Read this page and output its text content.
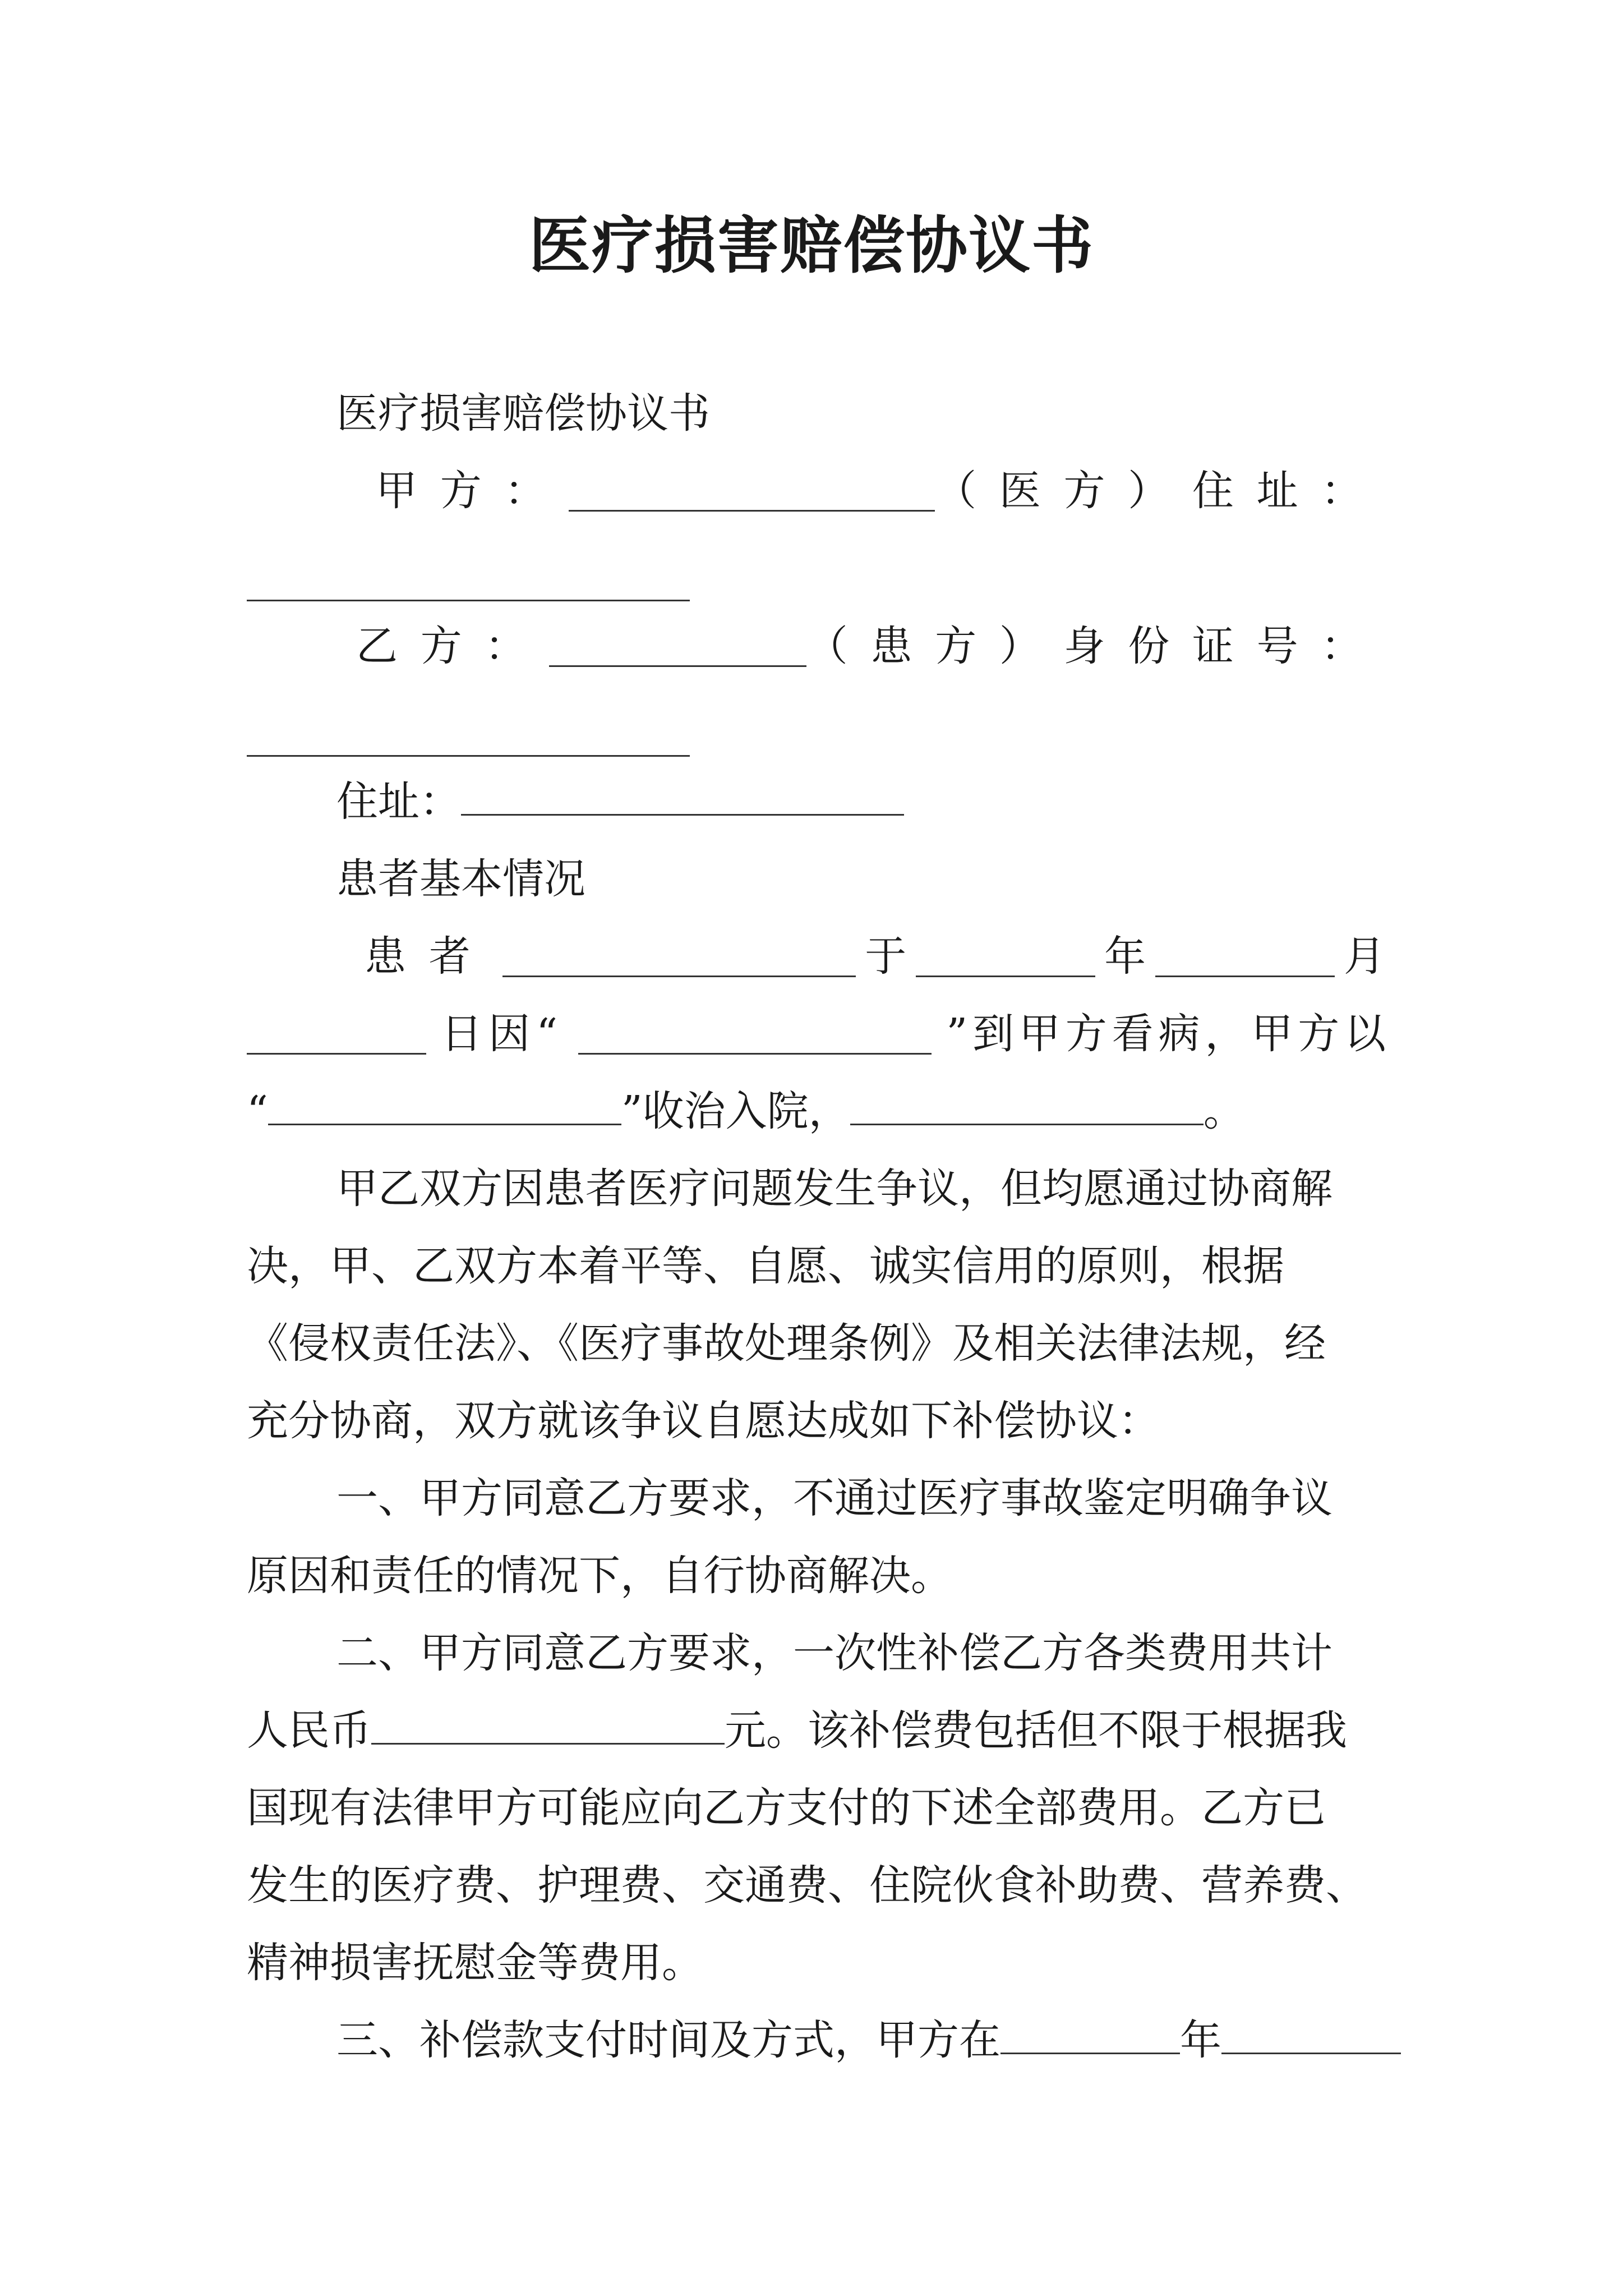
医疗损害赔偿协议书
医疗损害赔偿协议书
甲方：	（医方） 住址：
乙方：	（患方） 身份证号：
住址：
患者基本情况
患者	于	年	月
日因“	”到甲方看病，甲方以
“	”收治入院，	。
甲乙双方因患者医疗问题发生争议，但均愿通过协商解
决，甲、乙双方本着平等、自愿、诚实信用的原则，根据
《侵权责任法》、《医疗事故处理条例》及相关法律法规，经
充分协商，双方就该争议自愿达成如下补偿协议：
一、甲方同意乙方要求，不通过医疗事故鉴定明确争议
原因和责任的情况下，自行协商解决。
二、甲方同意乙方要求，一次性补偿乙方各类费用共计
人民币	元。该补偿费包括但不限于根据我
国现有法律甲方可能应向乙方支付的下述全部费用。乙方已
发生的医疗费、护理费、交通费、住院伙食补助费、营养费、
精神损害抚慰金等费用。
三、补偿款支付时间及方式，甲方在	年
